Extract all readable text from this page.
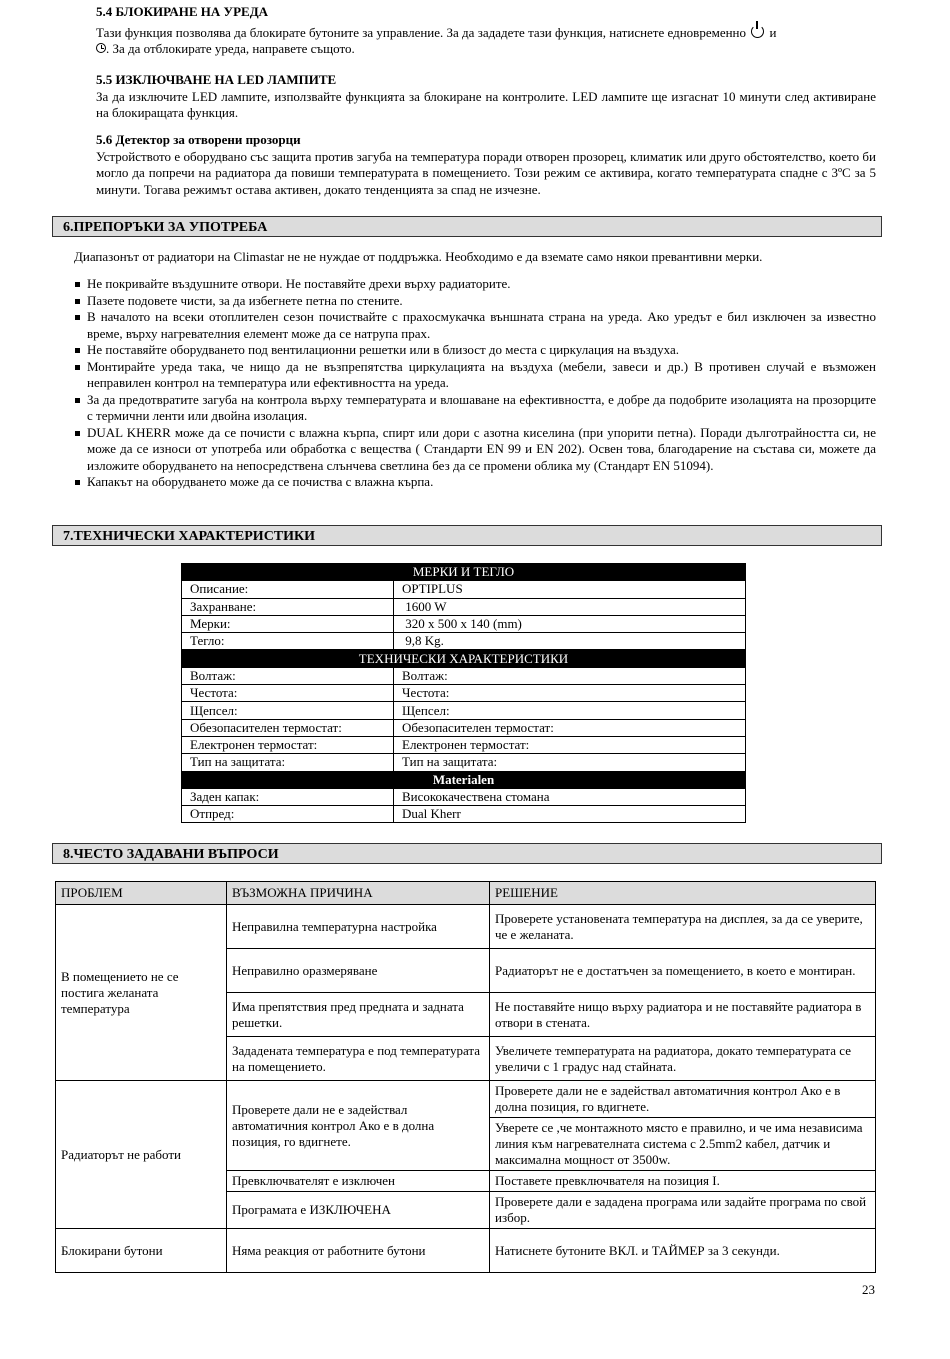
5.4 БЛОКИРАНЕ НА УРЕДА

Тази функция позволява да блокирате бутоните за управление. За да зададете тази функция, натиснете едновременно и
. За да отблокирате уреда, направете същото.

5.5 ИЗКЛЮЧВАНЕ НА LED ЛАМПИТЕ

За да изключите LED лампите, използвайте функцията за блокиране на контролите. LED лампите ще изгаснат 10 минути след активиране на блокиращата функция.

5.6 Детектор за отворени прозорци

Устройството е оборудвано със защита против загуба на температура поради отворен прозорец, климатик или друго обстоятелство, което би могло да попречи на радиатора да повиши температурата в помещението. Този режим се активира, когато температурата спадне с 3ºC за 5 минути. Тогава режимът остава активен, докато тенденцията за спад не изчезне.

6.ПРЕПОРЪКИ ЗА УПОТРЕБА
Диапазонът от радиатори на Climastar не не нуждае от поддръжка. Необходимо е да вземате само някои превантивни мерки.
Не покривайте въздушните отвори. Не поставяйте дрехи върху радиаторите.
Пазете подовете чисти, за да избегнете петна по стените.
В началото на всеки отоплителен сезон почиствайте с прахосмукачка външната страна на уреда. Ако уредът е бил изключен за известно време, върху нагревателния елемент може да се натрупа прах.
Не поставяйте оборудването под вентилационни решетки или в близост до места с циркулация на въздуха.
Монтирайте уреда така, че нищо да не възпрепятства циркулацията на въздуха (мебели, завеси и др.) В противен случай е възможен неправилен контрол на температура или ефективността на уреда.
За да предотвратите загуба на контрола върху температурата и влошаване на ефективността, е добре да подобрите изолацията на прозорците с термични ленти или двойна изолация.
DUAL KHERR може да се почисти с влажна кърпа, спирт или дори с азотна киселина (при упорити петна). Поради дълготрайността си, не може да се износи от употреба или обработка с вещества ( Стандарти EN 99 и EN 202). Освен това, благодарение на състава си, можете да изложите оборудването на непосредствена слънчева светлина без да се промени облика му (Стандарт EN 51094).
Капакът на оборудването може да се почиства с влажна кърпа.
7.ТЕХНИЧЕСКИ ХАРАКТЕРИСТИКИ
МЕРКИ И ТЕГЛО	
Описание:	OPTIPLUS
Захранване:	1600 W
Мерки:	320 x 500 x 140 (mm)
Тегло:	9,8 Kg.
ТЕХНИЧЕСКИ ХАРАКТЕРИСТИКИ	
Волтаж:	Волтаж:
Честота:	Честота:
Щепсел:	Щепсел:
Обезопасителен термостат:	Обезопасителен термостат:
Електронен термостат:	Електронен термостат:
Тип на защитата:	Тип на защитата:
Materialen	
Заден капак:	Висококачествена стомана
Отпред:	Dual Kherr
8.ЧЕСТО ЗАДАВАНИ ВЪПРОСИ
ПРОБЛЕМ	ВЪЗМОЖНА ПРИЧИНА	РЕШЕНИЕ
В помещението не се постига желаната температура	Неправилна температурна настройка	Проверете установената температура на дисплея, за да се уверите, че е желаната.
	Неправилно оразмеряване	Радиаторът не е достатъчен за помещението, в което е монтиран.
	Има препятствия пред предната и задната решетки.	Не поставяйте нищо върху радиатора и не поставяйте радиатора в отвори в стената.
	Зададената температура е под температурата на помещението.	Увеличете температурата на радиатора, докато температурата се увеличи с 1 градус над стайната.
Радиаторът не работи	Проверете дали не е задействал автоматичния контрол Ако е в долна позиция, го вдигнете.	Проверете дали не е задействал автоматичния контрол Ако е в долна позиция, го вдигнете.
		Уверете се ,че монтажното място е правилно, и че има независима линия към нагревателната система с 2.5mm2 кабел, датчик и максимална мощност от 3500w.
	Превключвателят е изключен	Поставете превключвателя на позиция I.
	Програмата е ИЗКЛЮЧЕНА	Проверете дали е зададена програма или задайте програма по свой избор.
Блокирани бутони	Няма реакция от работните бутони	Натиснете бутоните ВКЛ. и ТАЙМЕР за 3 секунди.
23
